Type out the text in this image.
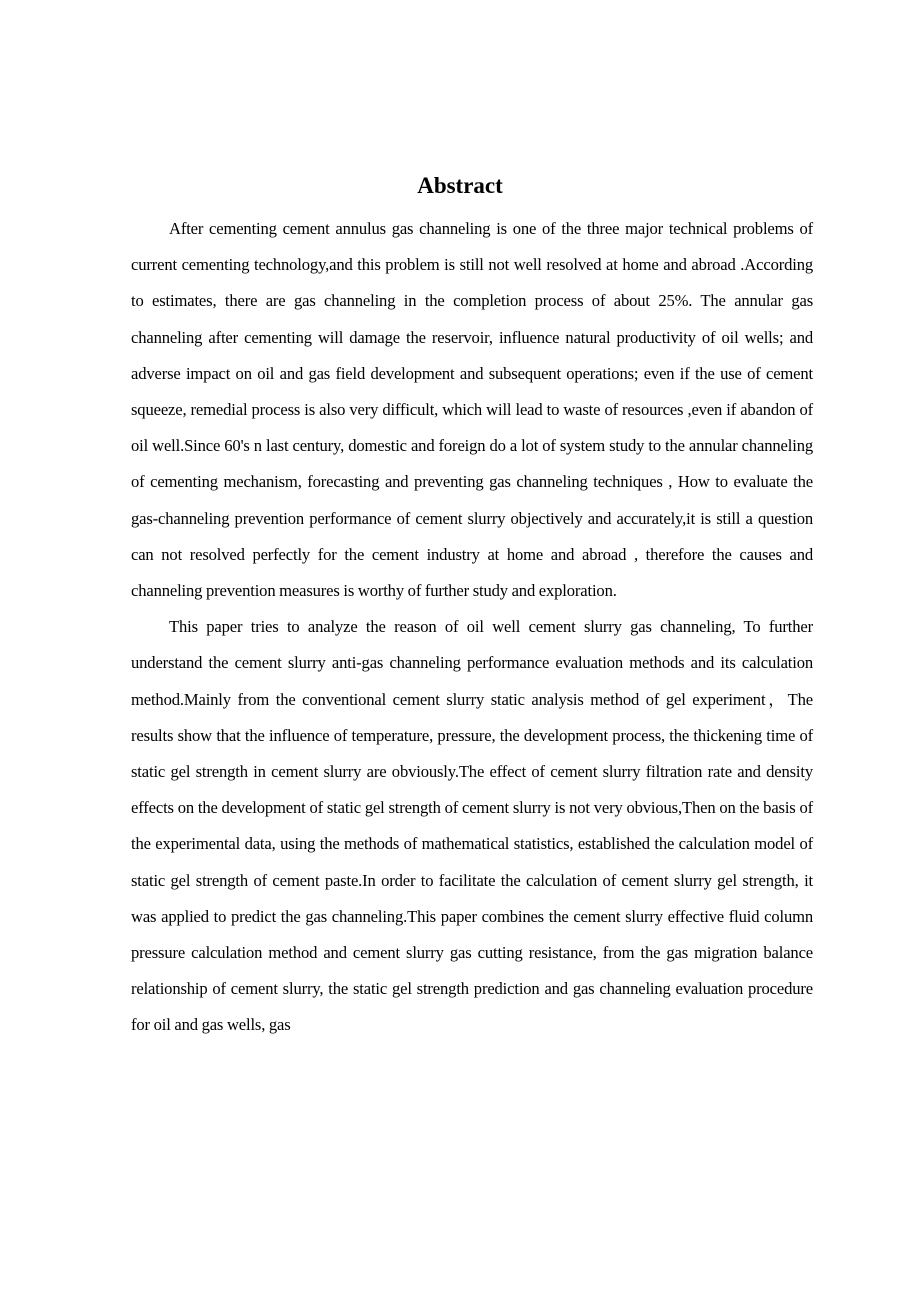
Abstract

After cementing cement annulus gas channeling is one of the three major technical problems of current cementing technology,and this problem is still not well resolved at home and abroad .According to estimates, there are gas channeling in the completion process of about 25%. The annular gas channeling after cementing will damage the reservoir, influence natural productivity of oil wells; and adverse impact on oil and gas field development and subsequent operations; even if the use of cement squeeze, remedial process is also very difficult, which will lead to waste of resources ,even if abandon of oil well.Since 60's n last century, domestic and foreign do a lot of system study to the annular channeling of cementing mechanism, forecasting and preventing gas channeling techniques , How to evaluate the gas-channeling prevention performance of cement slurry objectively and accurately,it is still a question can not resolved perfectly for the cement industry at home and abroad , therefore the causes and channeling prevention measures is worthy of further study and exploration.

This paper tries to analyze the reason of oil well cement slurry gas channeling, To further understand the cement slurry anti-gas channeling performance evaluation methods and its calculation method.Mainly from the conventional cement slurry static analysis method of gel experiment，The results show that the influence of temperature, pressure, the development process, the thickening time of static gel strength in cement slurry are obviously.The effect of cement slurry filtration rate and density effects on the development of static gel strength of cement slurry is not very obvious,Then on the basis of the experimental data, using the methods of mathematical statistics, established the calculation model of static gel strength of cement paste.In order to facilitate the calculation of cement slurry gel strength, it was applied to predict the gas channeling.This paper combines the cement slurry effective fluid column pressure calculation method and cement slurry gas cutting resistance, from the gas migration balance relationship of cement slurry, the static gel strength prediction and gas channeling evaluation procedure for oil and gas wells, gas
